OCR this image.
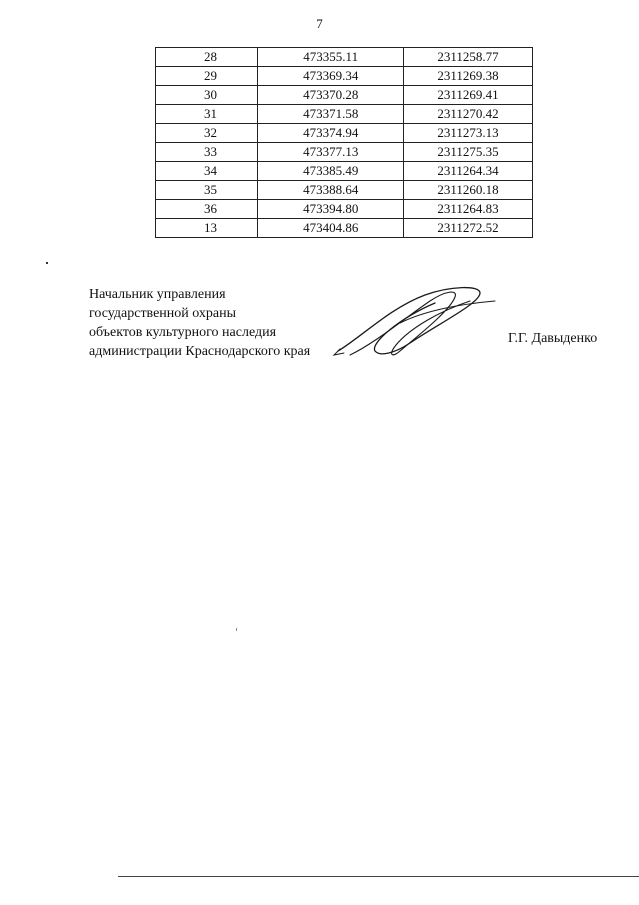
7
28	473355.11	2311258.77
29	473369.34	2311269.38
30	473370.28	2311269.41
31	473371.58	2311270.42
32	473374.94	2311273.13
33	473377.13	2311275.35
34	473385.49	2311264.34
35	473388.64	2311260.18
36	473394.80	2311264.83
13	473404.86	2311272.52
Начальник управления
государственной охраны
объектов культурного наследия
администрации Краснодарского края
Г.Г. Давыденко
